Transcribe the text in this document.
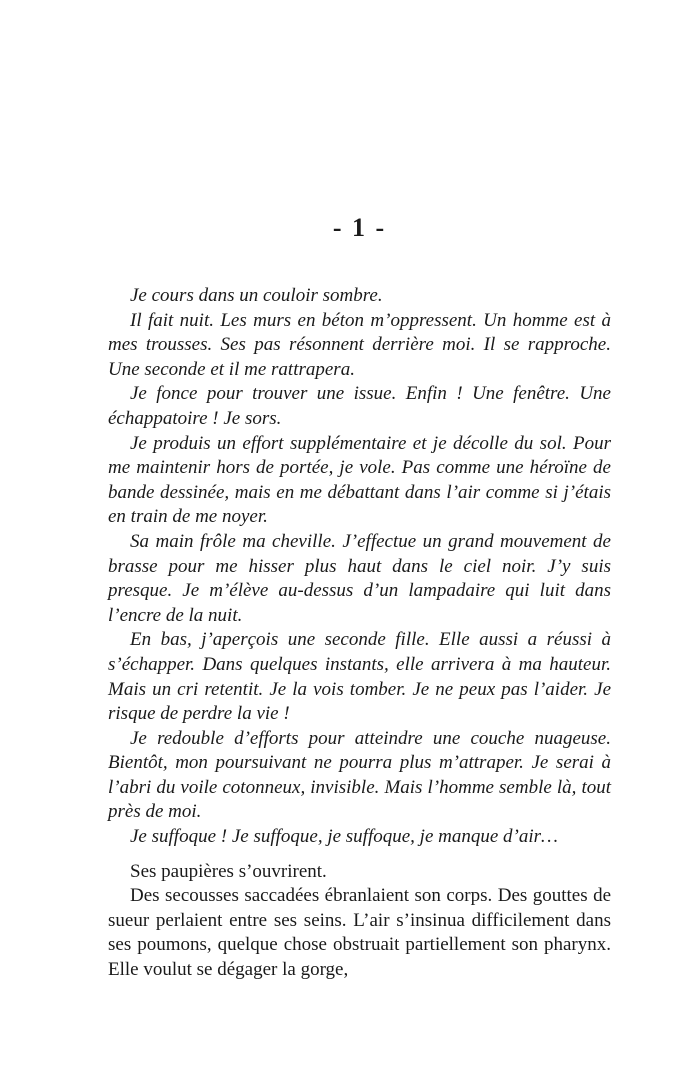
- 1 -

Je cours dans un couloir sombre.

Il fait nuit. Les murs en béton m’oppressent. Un homme est à mes trousses. Ses pas résonnent derrière moi. Il se rapproche. Une seconde et il me rattrapera.

Je fonce pour trouver une issue. Enfin ! Une fenêtre. Une échappatoire ! Je sors.

Je produis un effort supplémentaire et je décolle du sol. Pour me maintenir hors de portée, je vole. Pas comme une héroïne de bande dessinée, mais en me débattant dans l’air comme si j’étais en train de me noyer.

Sa main frôle ma cheville. J’effectue un grand mouvement de brasse pour me hisser plus haut dans le ciel noir. J’y suis presque. Je m’élève au-dessus d’un lampadaire qui luit dans l’encre de la nuit.

En bas, j’aperçois une seconde fille. Elle aussi a réussi à s’échapper. Dans quelques instants, elle arrivera à ma hauteur. Mais un cri retentit. Je la vois tomber. Je ne peux pas l’aider. Je risque de perdre la vie !

Je redouble d’efforts pour atteindre une couche nuageuse. Bientôt, mon poursuivant ne pourra plus m’attraper. Je serai à l’abri du voile cotonneux, invisible. Mais l’homme semble là, tout près de moi.

Je suffoque ! Je suffoque, je suffoque, je manque d’air…

Ses paupières s’ouvrirent.

Des secousses saccadées ébranlaient son corps. Des gouttes de sueur perlaient entre ses seins. L’air s’insinua difficilement dans ses poumons, quelque chose obstruait partiellement son pharynx. Elle voulut se dégager la gorge,
